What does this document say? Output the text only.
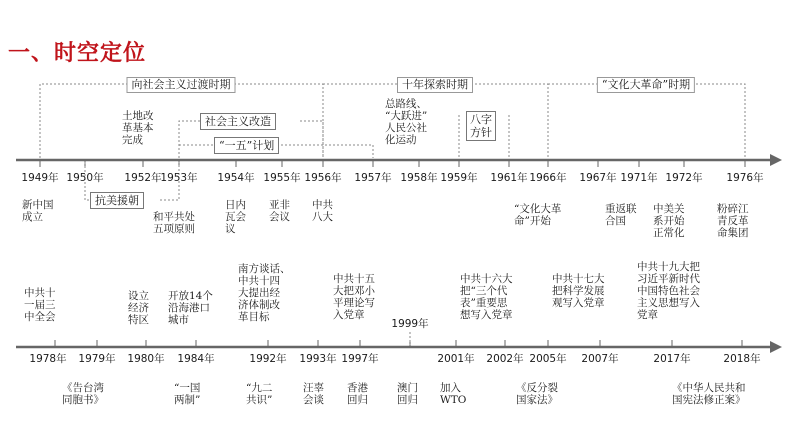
一、时空定位
向社会主义过渡时期	十年探索时期	“文化大革命”时期
社会主义改造
“一五”计划
抗美援朝
八字
方针
1949年 1950年 1952年
1953年 1954年 1955年 1956年 1957年 1958年 1959年 1961年 1966年 1967年 1971年 1972年 1976年
土地改
革基本
完成
总路线、
“大跃进”
人民公社
化运动
新中国
成立	和平共处
五项原则
日内
瓦会
议
亚非
会议
中共
八大
“文化大革
命”开始
重返联
合国
中美关
系开始
正常化
粉碎江
青反革
命集团
1978年 1979年 1980年 1984年	1992年 1993年 1997年
1999年
2001年 2002年 2005年 2007年	2017年	2018年
中共十
一届三
中全会
设立
经济
特区
开放14个
沿海港口
城市
南方谈话、
中共十四
大提出经
济体制改
革目标
中共十五
大把邓小
平理论写
入党章
中共十六大
把“三个代
表”重要思
想写入党章
中共十七大
把科学发展
观写入党章
中共十九大把
习近平新时代
中国特色社会
主义思想写入
党章
《告台湾
同胞书》
“一国
两制”
“九二
共识”
汪辜
会谈
香港
回归
澳门
回归
加入
WTO
《反分裂
国家法》
《中华人民共和
国宪法修正案》
